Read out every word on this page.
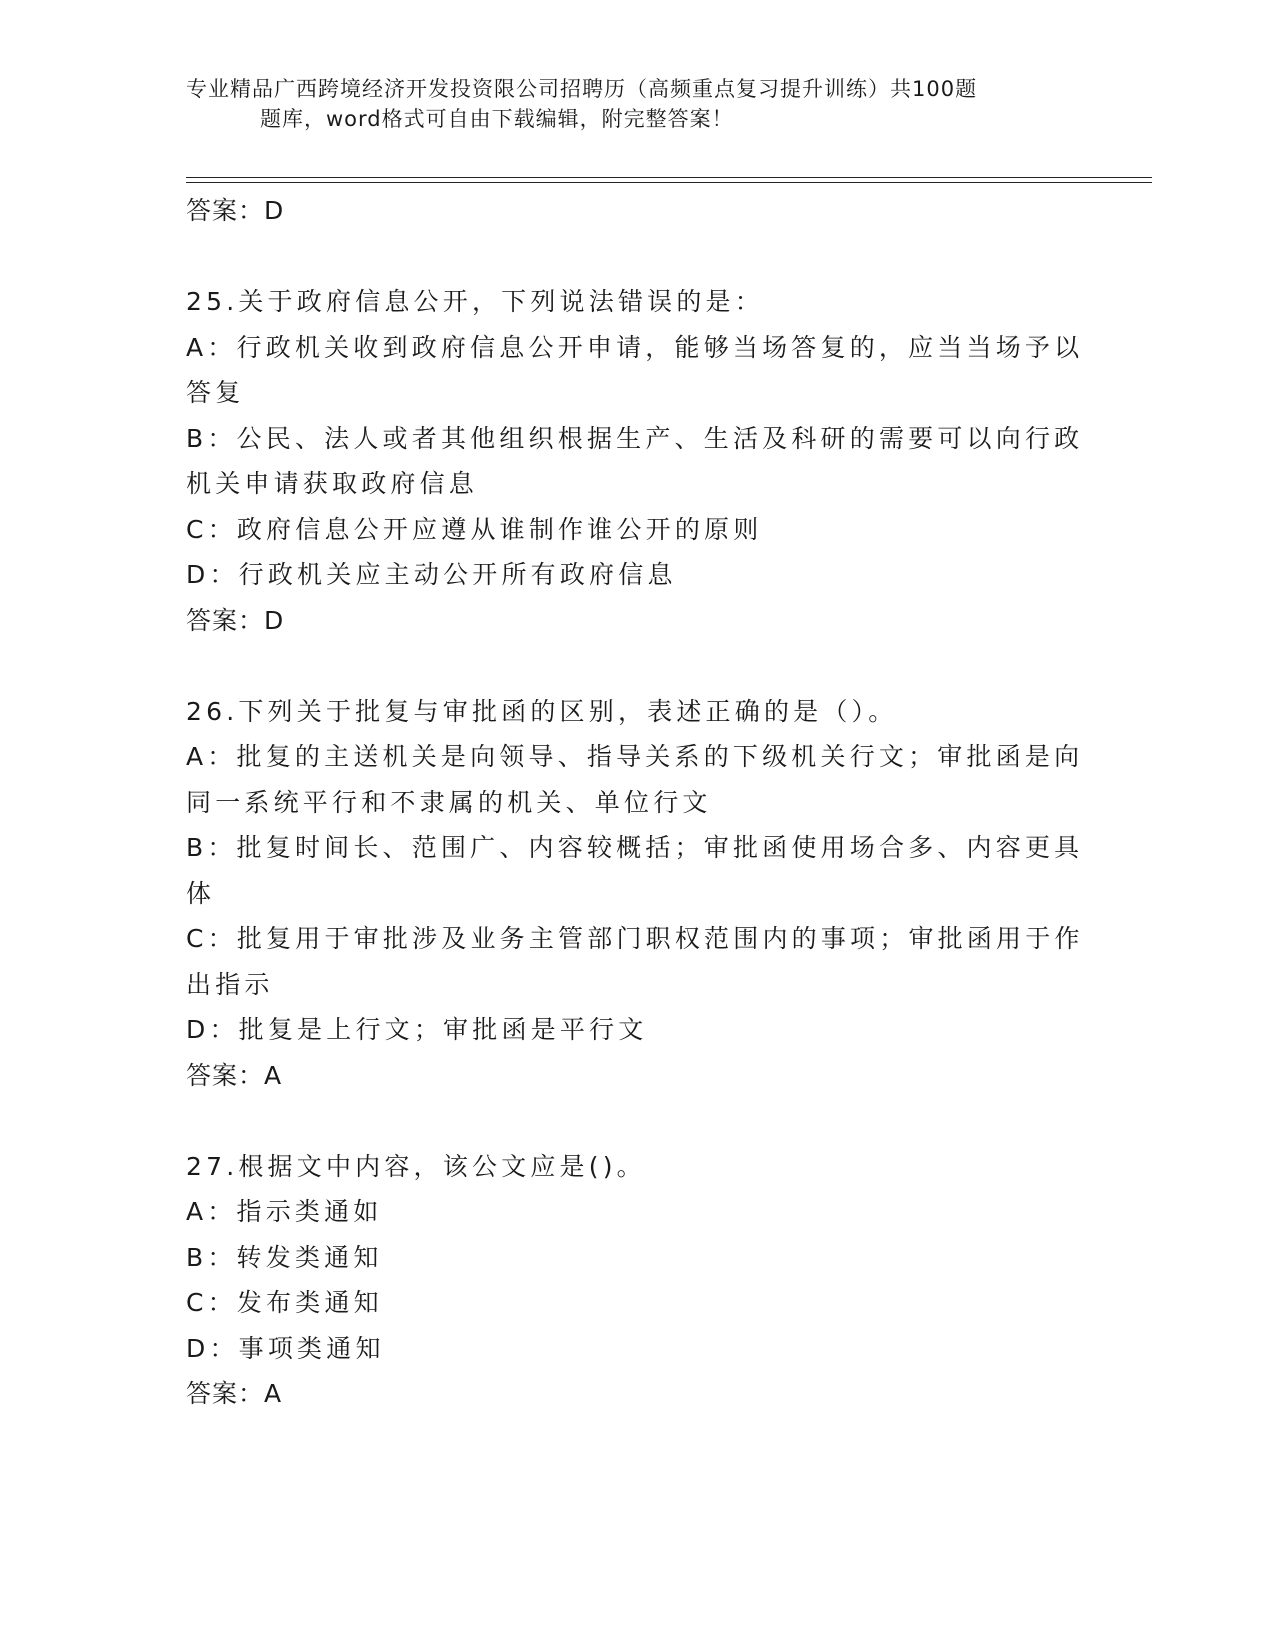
专业精品广西跨境经济开发投资限公司招聘历（高频重点复习提升训练）共100题
题库，word格式可自由下载编辑，附完整答案！
答案：D
25.关于政府信息公开，下列说法错误的是：
A：行政机关收到政府信息公开申请，能够当场答复的，应当当场予以
答复
B：公民、法人或者其他组织根据生产、生活及科研的需要可以向行政
机关申请获取政府信息
C：政府信息公开应遵从谁制作谁公开的原则
D：行政机关应主动公开所有政府信息
答案：D
26.下列关于批复与审批函的区别，表述正确的是（）。
A：批复的主送机关是向领导、指导关系的下级机关行文；审批函是向
同一系统平行和不隶属的机关、单位行文
B：批复时间长、范围广、内容较概括；审批函使用场合多、内容更具
体
C：批复用于审批涉及业务主管部门职权范围内的事项；审批函用于作
出指示
D：批复是上行文；审批函是平行文
答案：A
27.根据文中内容，该公文应是()。
A：指示类通如
B：转发类通知
C：发布类通知
D：事项类通知
答案：A
